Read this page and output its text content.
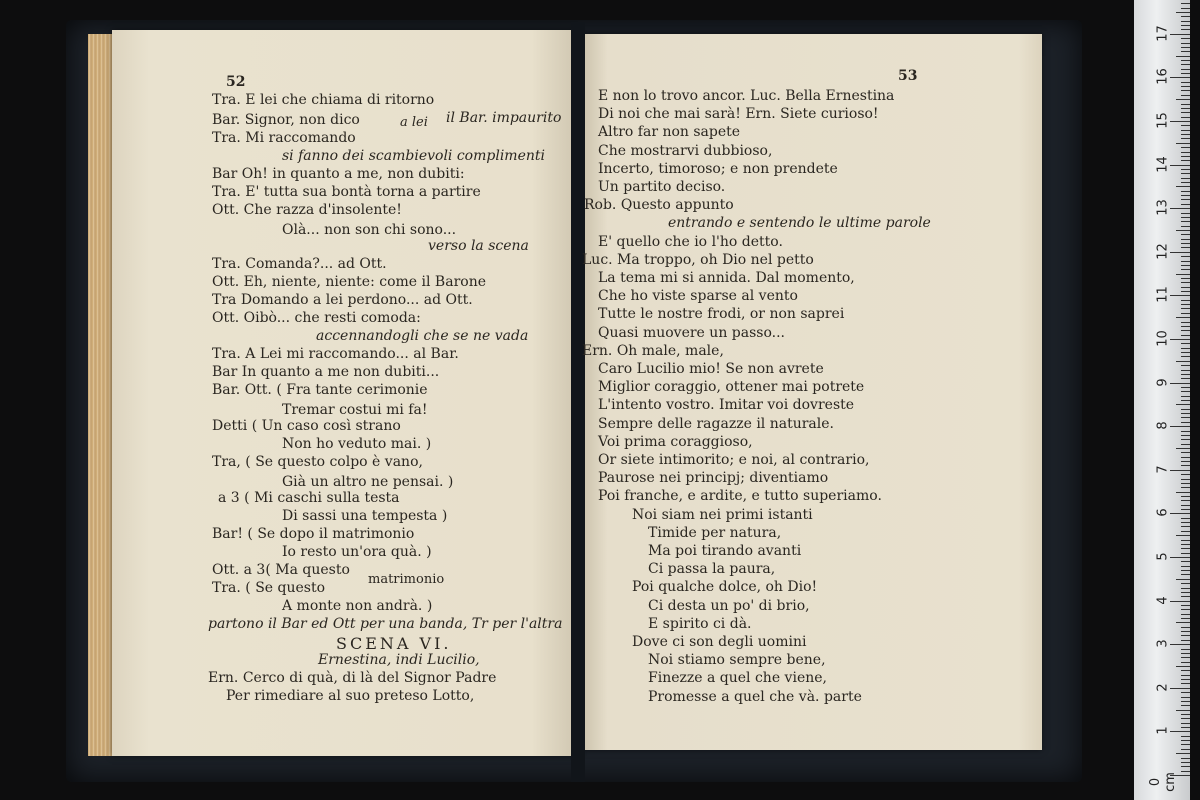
52	53
Tra. E lei che chiama di ritorno
Bar. Signor, non dico
Tra. Mi raccomando
si fanno dei scambievoli complimenti
Bar Oh! in quanto a me, non dubiti:
Tra. E' tutta sua bontà torna a partire
Ott. Che razza d'insolente!
Olà... non son chi sono...
verso la scena
Tra. Comanda?... ad Ott.
Ott. Eh, niente, niente: come il Barone
Tra Domando a lei perdono... ad Ott.
Ott. Oibò... che resti comoda:
accennandogli che se ne vada
Tra. A Lei mi raccomando... al Bar.
Bar In quanto a me non dubiti...
Bar. Ott. ( Fra tante cerimonie
Tremar costui mi fa!
Detti ( Un caso così strano
Non ho veduto mai. )
Tra, ( Se questo colpo è vano,
Già un altro ne pensai. )
a 3 ( Mi caschi sulla testa
Di sassi una tempesta )
Bar! ( Se dopo il matrimonio
Io resto un'ora quà. )
Ott. a 3( Ma questo
Tra. ( Se questo
A monte non andrà. )
partono il Bar ed Ott per una banda, Tr per l'altra
SCENA VI.
Ernestina, indi Lucilio,
Ern. Cerco di quà, di là del Signor Padre
Per rimediare al suo preteso Lotto,
E non lo trovo ancor. Luc. Bella Ernestina
Di noi che mai sarà! Ern. Siete curioso!
Altro far non sapete
Che mostrarvi dubbioso,
Incerto, timoroso; e non prendete
Un partito deciso.
Rob. Questo appunto
entrando e sentendo le ultime parole
E' quello che io l'ho detto.
Luc. Ma troppo, oh Dio nel petto
La tema mi si annida. Dal momento,
Che ho viste sparse al vento
Tutte le nostre frodi, or non saprei
Quasi muovere un passo...
Ern. Oh male, male,
Caro Lucilio mio! Se non avrete
Miglior coraggio, ottener mai potrete
L'intento vostro. Imitar voi dovreste
Sempre delle ragazze il naturale.
Voi prima coraggioso,
Or siete intimorito; e noi, al contrario,
Paurose nei principj; diventiamo
Poi franche, e ardite, e tutto superiamo.
Noi siam nei primi istanti
Timide per natura,
Ma poi tirando avanti
Ci passa la paura,
Poi qualche dolce, oh Dio!
Ci desta un po' di brio,
E spirito ci dà.
Dove ci son degli uomini
Noi stiamo sempre bene,
Finezze a quel che viene,
Promesse a quel che và. parte
a lei il Bar. impaurito
matrimonio
0 cm
1
2
3
4
5
6
7
8
9
10
11
12
13
14
15
16
17
